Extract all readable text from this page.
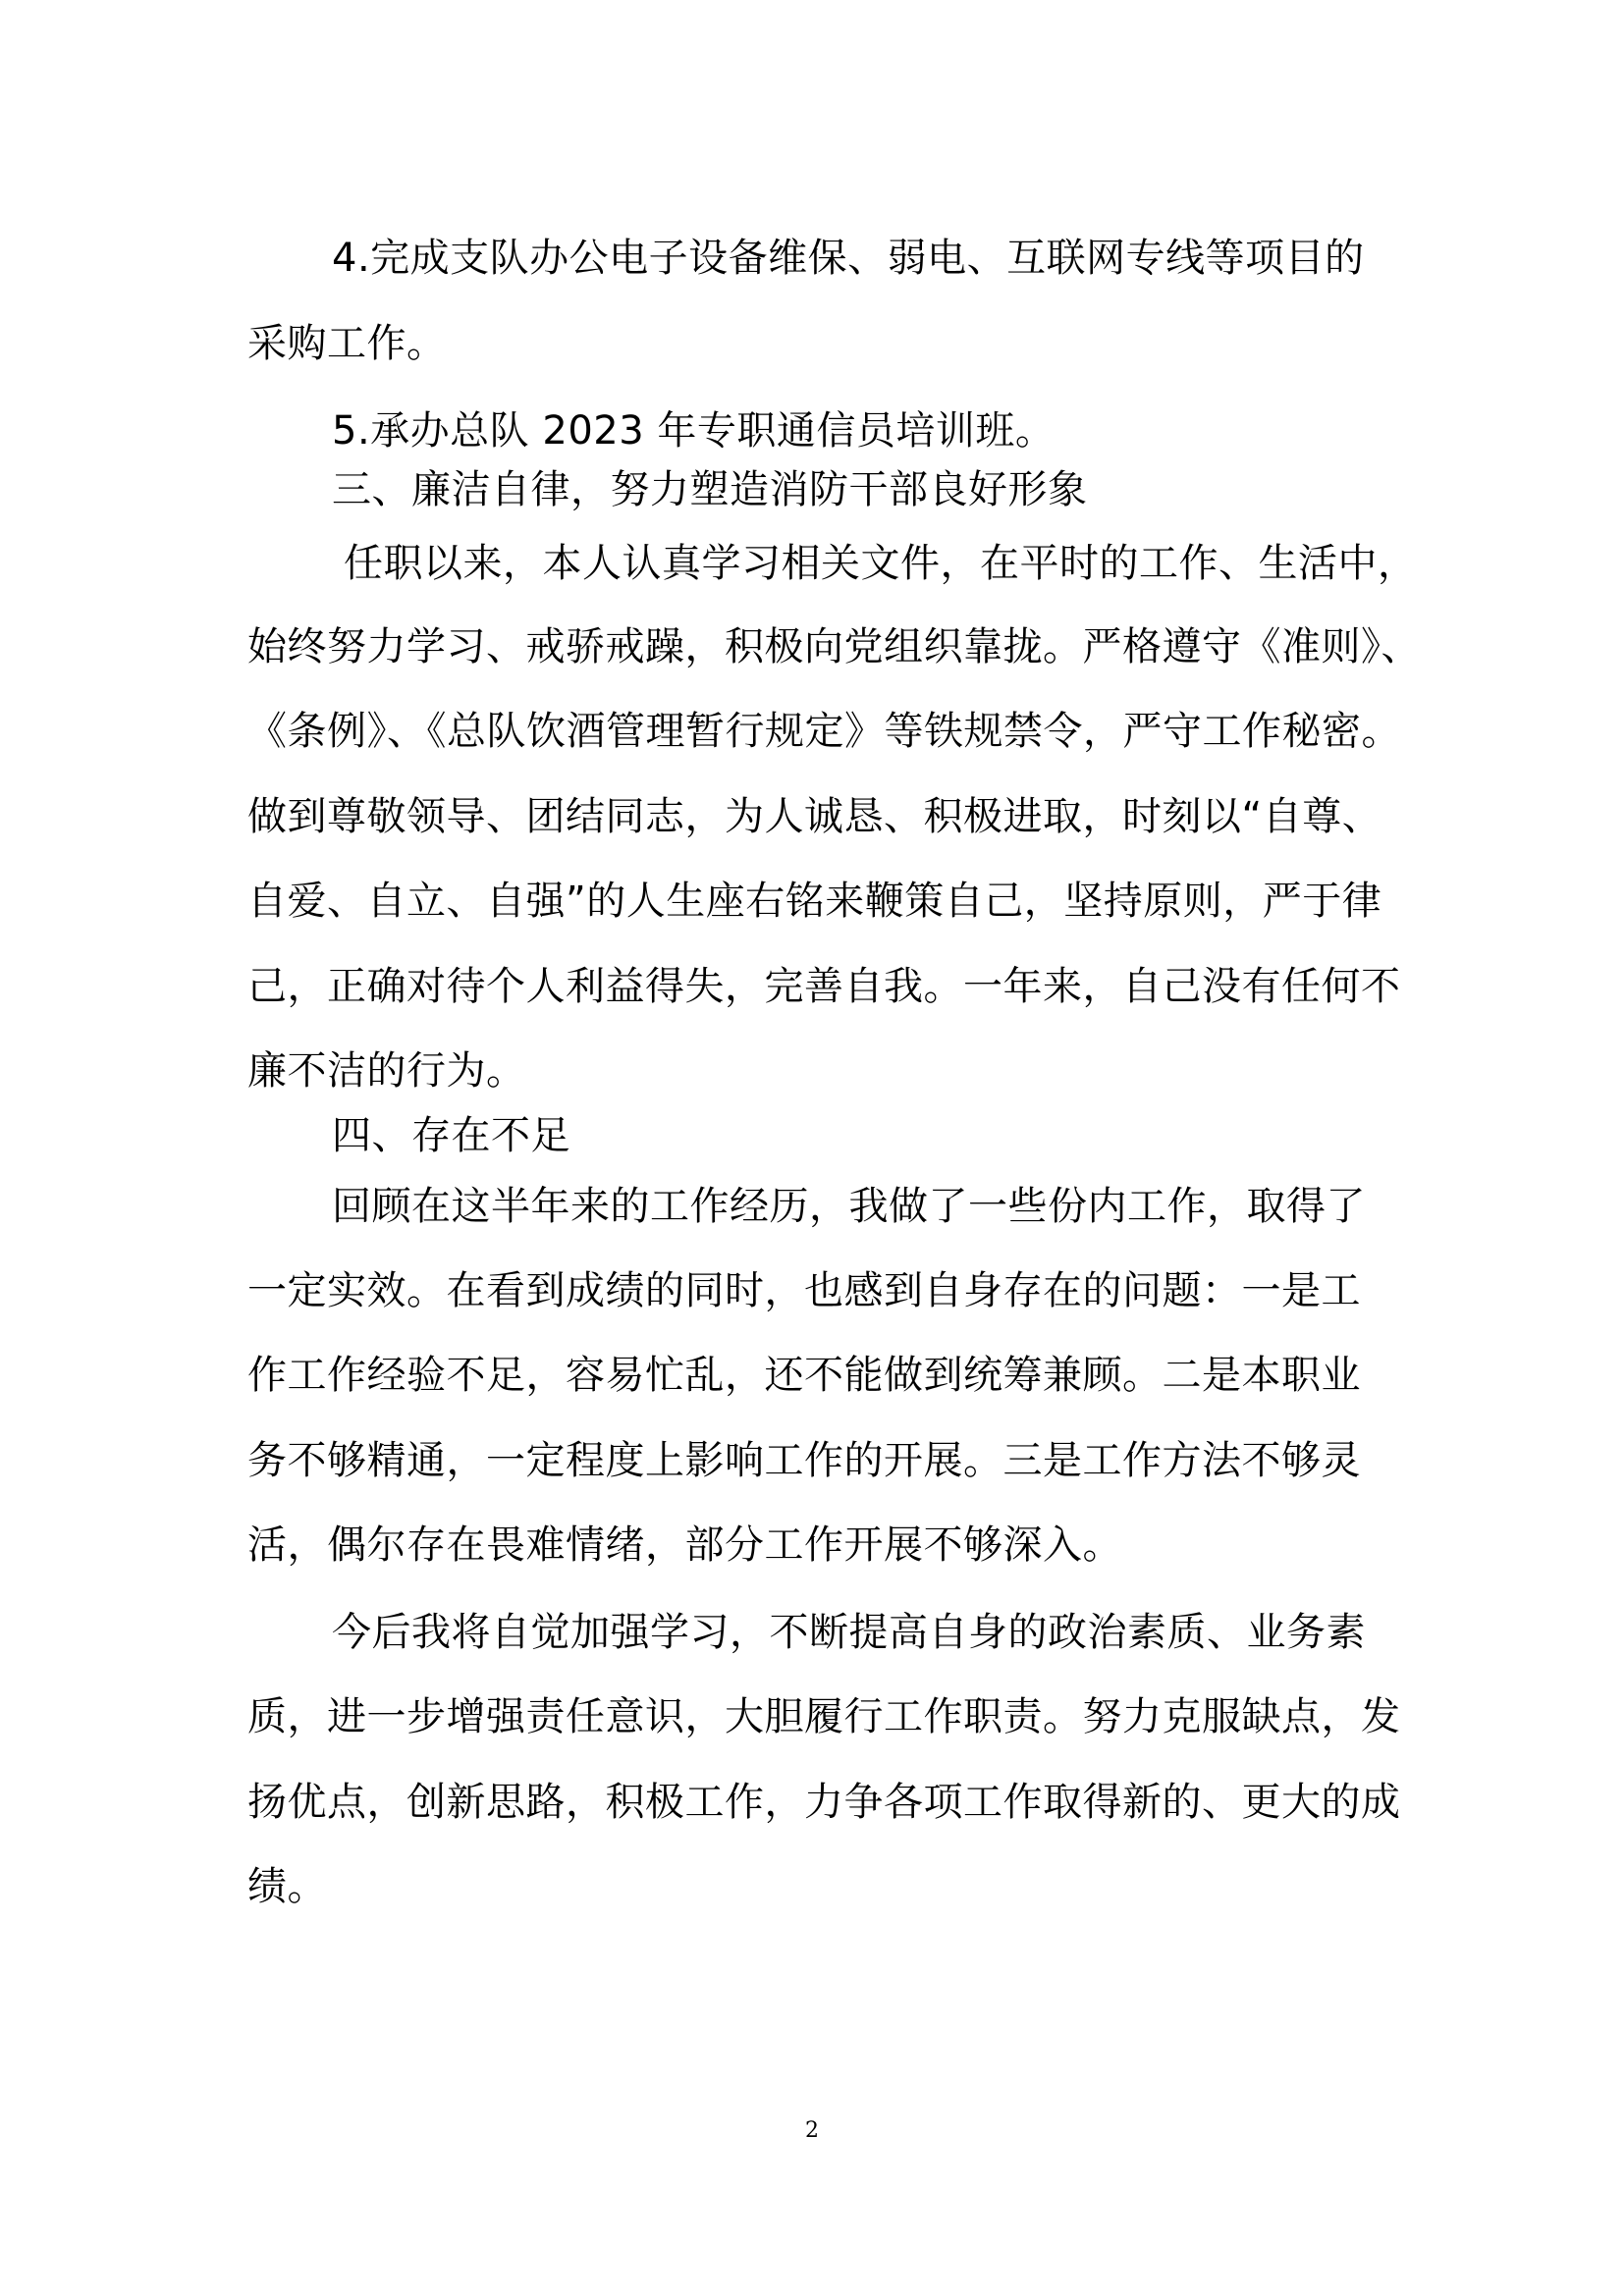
4.完成支队办公电子设备维保、弱电、互联网专线等项目的
采购工作。
5.承办总队 2023 年专职通信员培训班。
三、廉洁自律，努力塑造消防干部良好形象
任职以来，本人认真学习相关文件，在平时的工作、生活中，
始终努力学习、戒骄戒躁，积极向党组织靠拢。严格遵守《准则》、
《条例》、《总队饮酒管理暂行规定》等铁规禁令，严守工作秘密。
做到尊敬领导、团结同志，为人诚恳、积极进取，时刻以“自尊、
自爱、自立、自强”的人生座右铭来鞭策自己，坚持原则，严于律
己，正确对待个人利益得失，完善自我。一年来，自己没有任何不
廉不洁的行为。
四、存在不足
回顾在这半年来的工作经历，我做了一些份内工作，取得了
一定实效。在看到成绩的同时，也感到自身存在的问题：一是工
作工作经验不足，容易忙乱，还不能做到统筹兼顾。二是本职业
务不够精通，一定程度上影响工作的开展。三是工作方法不够灵
活，偶尔存在畏难情绪，部分工作开展不够深入。
今后我将自觉加强学习，不断提高自身的政治素质、业务素
质，进一步增强责任意识，大胆履行工作职责。努力克服缺点，发
扬优点，创新思路，积极工作，力争各项工作取得新的、更大的成
绩。
2
